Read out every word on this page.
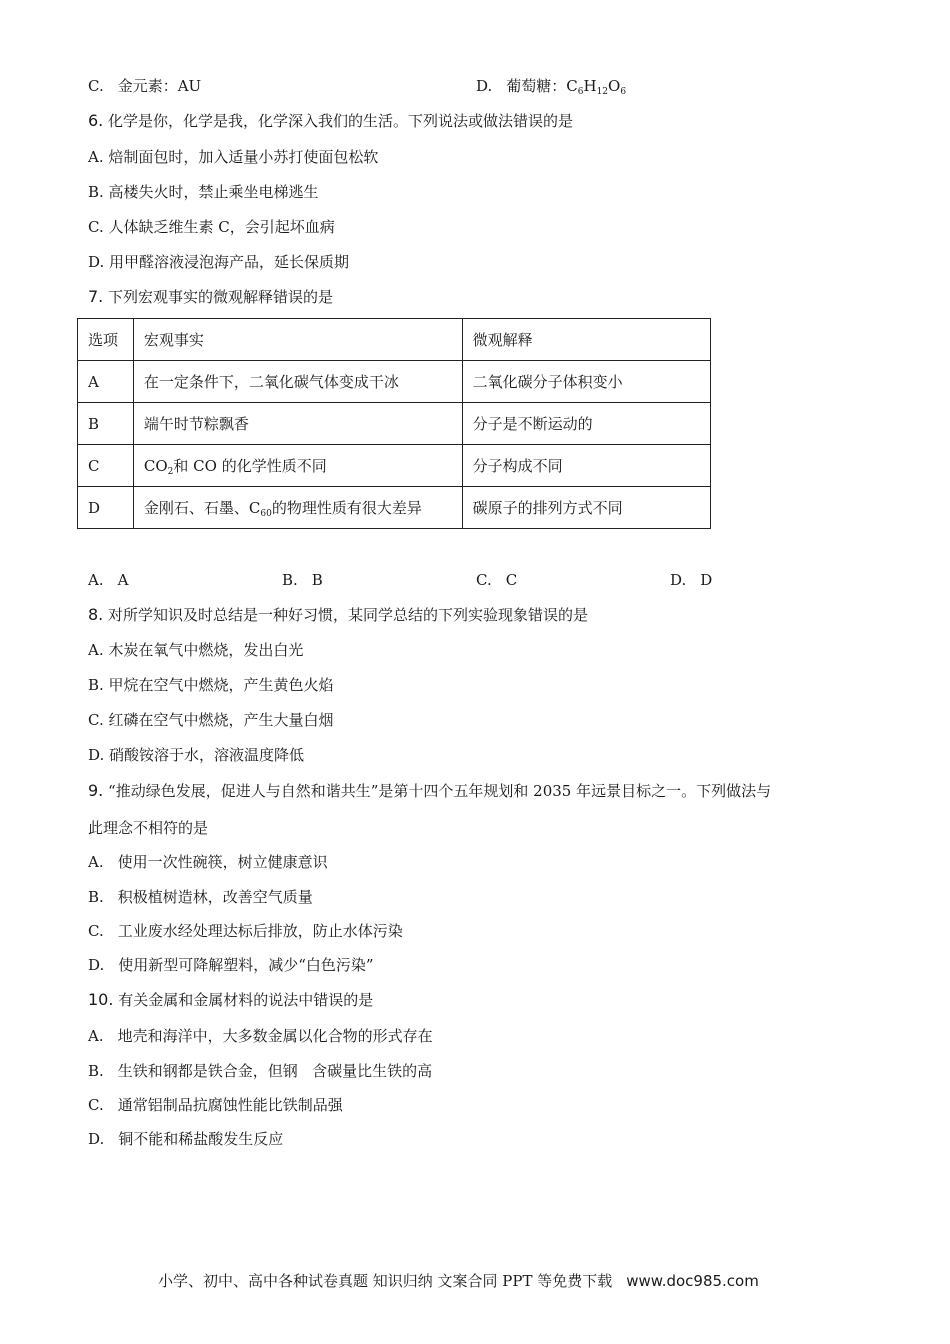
C. 金元素：AU	D. 葡萄糖：$C_6H_{12}O_6$
6. 化学是你，化学是我，化学深入我们的生活。下列说法或做法错误的是
A. 焙制面包时，加入适量小苏打使面包松软
B. 高楼失火时，禁止乘坐电梯逃生
C. 人体缺乏维生素 C，会引起坏血病
D. 用甲醛溶液浸泡海产品，延长保质期
7. 下列宏观事实的微观解释错误的是
选项	宏观事实	微观解释
A	在一定条件下，二氧化碳气体变成干冰	二氧化碳分子体积变小
B	端午时节粽飘香	分子是不断运动的
C	$CO_2$和 CO 的化学性质不同	分子构成不同
D	金刚石、石墨、$C_{60}$的物理性质有很大差异	碳原子的排列方式不同
A. A	B. B	C. C	D. D
8. 对所学知识及时总结是一种好习惯，某同学总结的下列实验现象错误的是
A. 木炭在氧气中燃烧，发出白光
B. 甲烷在空气中燃烧，产生黄色火焰
C. 红磷在空气中燃烧，产生大量白烟
D. 硝酸铵溶于水，溶液温度降低
9. “推动绿色发展，促进人与自然和谐共生”是第十四个五年规划和 2035 年远景目标之一。下列做法与
此理念不相符的是
A. 使用一次性碗筷，树立健康意识
B. 积极植树造林，改善空气质量
C. 工业废水经处理达标后排放，防止水体污染
D. 使用新型可降解塑料，减少“白色污染”
10. 有关金属和金属材料的说法中错误的是
A. 地壳和海洋中，大多数金属以化合物的形式存在
B. 生铁和钢都是铁合金，但钢   含碳量比生铁的高
C. 通常铝制品抗腐蚀性能比铁制品强
D. 铜不能和稀盐酸发生反应
小学、初中、高中各种试卷真题 知识归纳 文案合同 PPT 等免费下载 www.doc985.com
